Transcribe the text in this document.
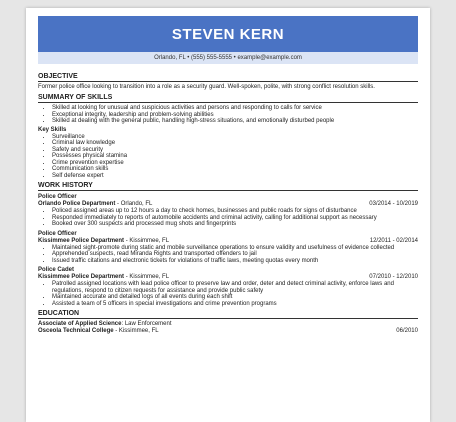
STEVEN KERN
Orlando, FL • (555) 555-5555 • example@example.com
OBJECTIVE

Former police office looking to transition into a role as a security guard. Well-spoken, polite, with strong conflict resolution skills.

SUMMARY OF SKILLS
• Skilled at looking for unusual and suspicious activities and persons and responding to calls for service
• Exceptional integrity, leadership and problem-solving abilities
• Skilled at dealing with the general public, handling high-stress situations, and emotionally disturbed people
Key Skills
• Surveillance
• Criminal law knowledge
• Safety and security
• Possesses physical stamina
• Crime prevention expertise
• Communication skills
• Self defense expert
WORK HISTORY
Police Officer
Orlando Police Department - Orlando, FL	03/2014 - 10/2019
• Policed assigned areas up to 12 hours a day to check homes, businesses and public roads for signs of disturbance
• Responded immediately to reports of automobile accidents and criminal activity, calling for additional support as necessary
• Booked over 300 suspects and processed mug shots and fingerprints
Police Officer
Kissimmee Police Department - Kissimmee, FL	12/2011 - 02/2014
• Maintained sight-promote during static and mobile surveillance operations to ensure validity and usefulness of evidence collected
• Apprehended suspects, read Miranda Rights and transported offenders to jail
• Issued traffic citations and electronic tickets for violations of traffic laws, meeting quotas every month
Police Cadet
Kissimmee Police Department - Kissimmee, FL	07/2010 - 12/2010
• Patrolled assigned locations with lead police officer to preserve law and order, deter and detect criminal activity, enforce laws and regulations, respond to citizen requests for assistance and provide public safety
• Maintained accurate and detailed logs of all events during each shift
• Assisted a team of 5 officers in special investigations and crime prevention programs
EDUCATION
Associate of Applied Science: Law Enforcement
Osceola Technical College - Kissimmee, FL	06/2010
